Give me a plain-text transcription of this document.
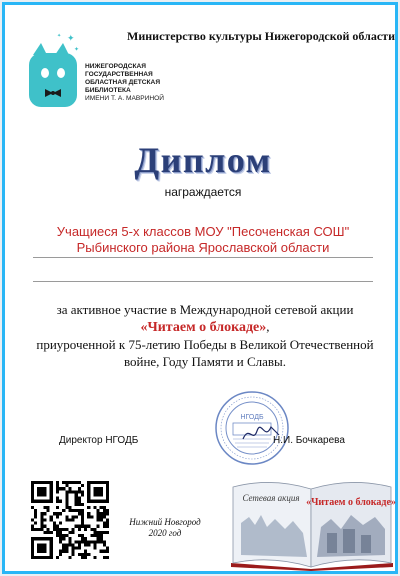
✦
✦
✦
НИЖЕГОРОДСКАЯ
ГОСУДАРСТВЕННАЯ
ОБЛАСТНАЯ ДЕТСКАЯ
БИБЛИОТЕКА
ИМЕНИ Т. А. МАВРИНОЙ
Министерство культуры Нижегородской области
Диплом
награждается
Учащиеся 5-х классов МОУ "Песоченская СОШ"
Рыбинского района Ярославской области
за активное участие в Международной сетевой акции
«Читаем о блокаде»,
приуроченной к 75-летию Победы в Великой Отечественной
войне, Году Памяти и Славы.
НГОДБ
Директор НГОДБ	Н.И. Бочкарева
Нижний Новгород
2020 год
Сетевая акция «Читаем о блокаде»
